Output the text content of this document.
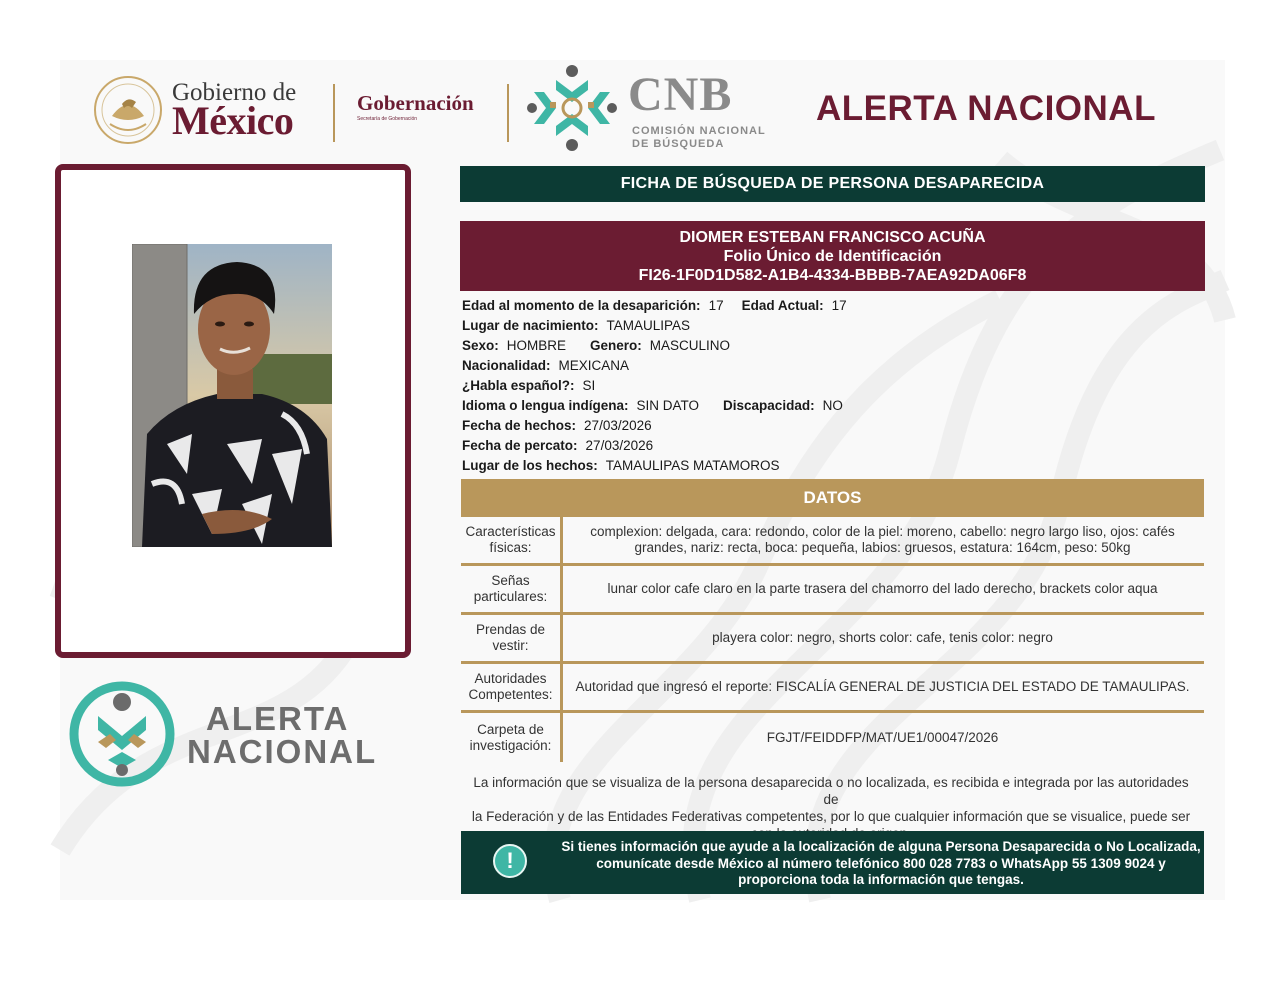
Gobierno de
México	Gobernación
Secretaría de Gobernación	CNB
COMISIÓN NACIONAL
DE BÚSQUEDA
ALERTA NACIONAL
ALERTA
NACIONAL
FICHA DE BÚSQUEDA DE PERSONA DESAPARECIDA
DIOMER ESTEBAN FRANCISCO ACUÑA
Folio Único de Identificación
FI26-1F0D1D582-A1B4-4334-BBBB-7AEA92DA06F8
Edad al momento de la desaparición: 17 Edad Actual: 17
Lugar de nacimiento: TAMAULIPAS
Sexo: HOMBRE Genero: MASCULINO
Nacionalidad: MEXICANA
¿Habla español?: SI
Idioma o lengua indígena: SIN DATO Discapacidad: NO
Fecha de hechos: 27/03/2026
Fecha de percato: 27/03/2026
Lugar de los hechos: TAMAULIPAS MATAMOROS
DATOS
Características
físicas:
complexion: delgada, cara: redondo, color de la piel: moreno, cabello: negro largo liso, ojos: cafés
grandes, nariz: recta, boca: pequeña, labios: gruesos, estatura: 164cm, peso: 50kg
Señas
particulares:
lunar color cafe claro en la parte trasera del chamorro del lado derecho, brackets color aqua
Prendas de
vestir:
playera color: negro, shorts color: cafe, tenis color: negro
Autoridades
Competentes:
Autoridad que ingresó el reporte: FISCALÍA GENERAL DE JUSTICIA DEL ESTADO DE TAMAULIPAS.
Carpeta de
investigación:
FGJT/FEIDDFP/MAT/UE1/00047/2026
La información que se visualiza de la persona desaparecida o no localizada, es recibida e integrada por las autoridades de
la Federación y de las Entidades Federativas competentes, por lo que cualquier información que se visualice, puede ser
!
Si tienes información que ayude a la localización de alguna Persona Desaparecida o No Localizada,
comunícate desde México al número telefónico 800 028 7783 o WhatsApp 55 1309 9024 y
proporciona toda la información que tengas.
